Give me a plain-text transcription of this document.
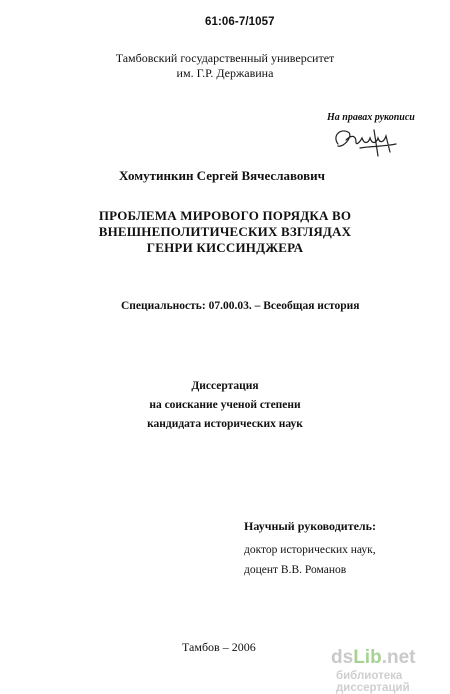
61:06-7/1057
Тамбовский государственный университет
им. Г.Р. Державина
На правах рукописи
Хомутинкин Сергей Вячеславович
ПРОБЛЕМА МИРОВОГО ПОРЯДКА ВО
ВНЕШНЕПОЛИТИЧЕСКИХ ВЗГЛЯДАХ
ГЕНРИ КИССИНДЖЕРА
Специальность: 07.00.03. – Всеобщая история
Диссертация
на соискание ученой степени
кандидата исторических наук
Научный руководитель:
доктор исторических наук,
доцент В.В. Романов
Тамбов – 2006	dsLib.net
библиотека диссертаций
